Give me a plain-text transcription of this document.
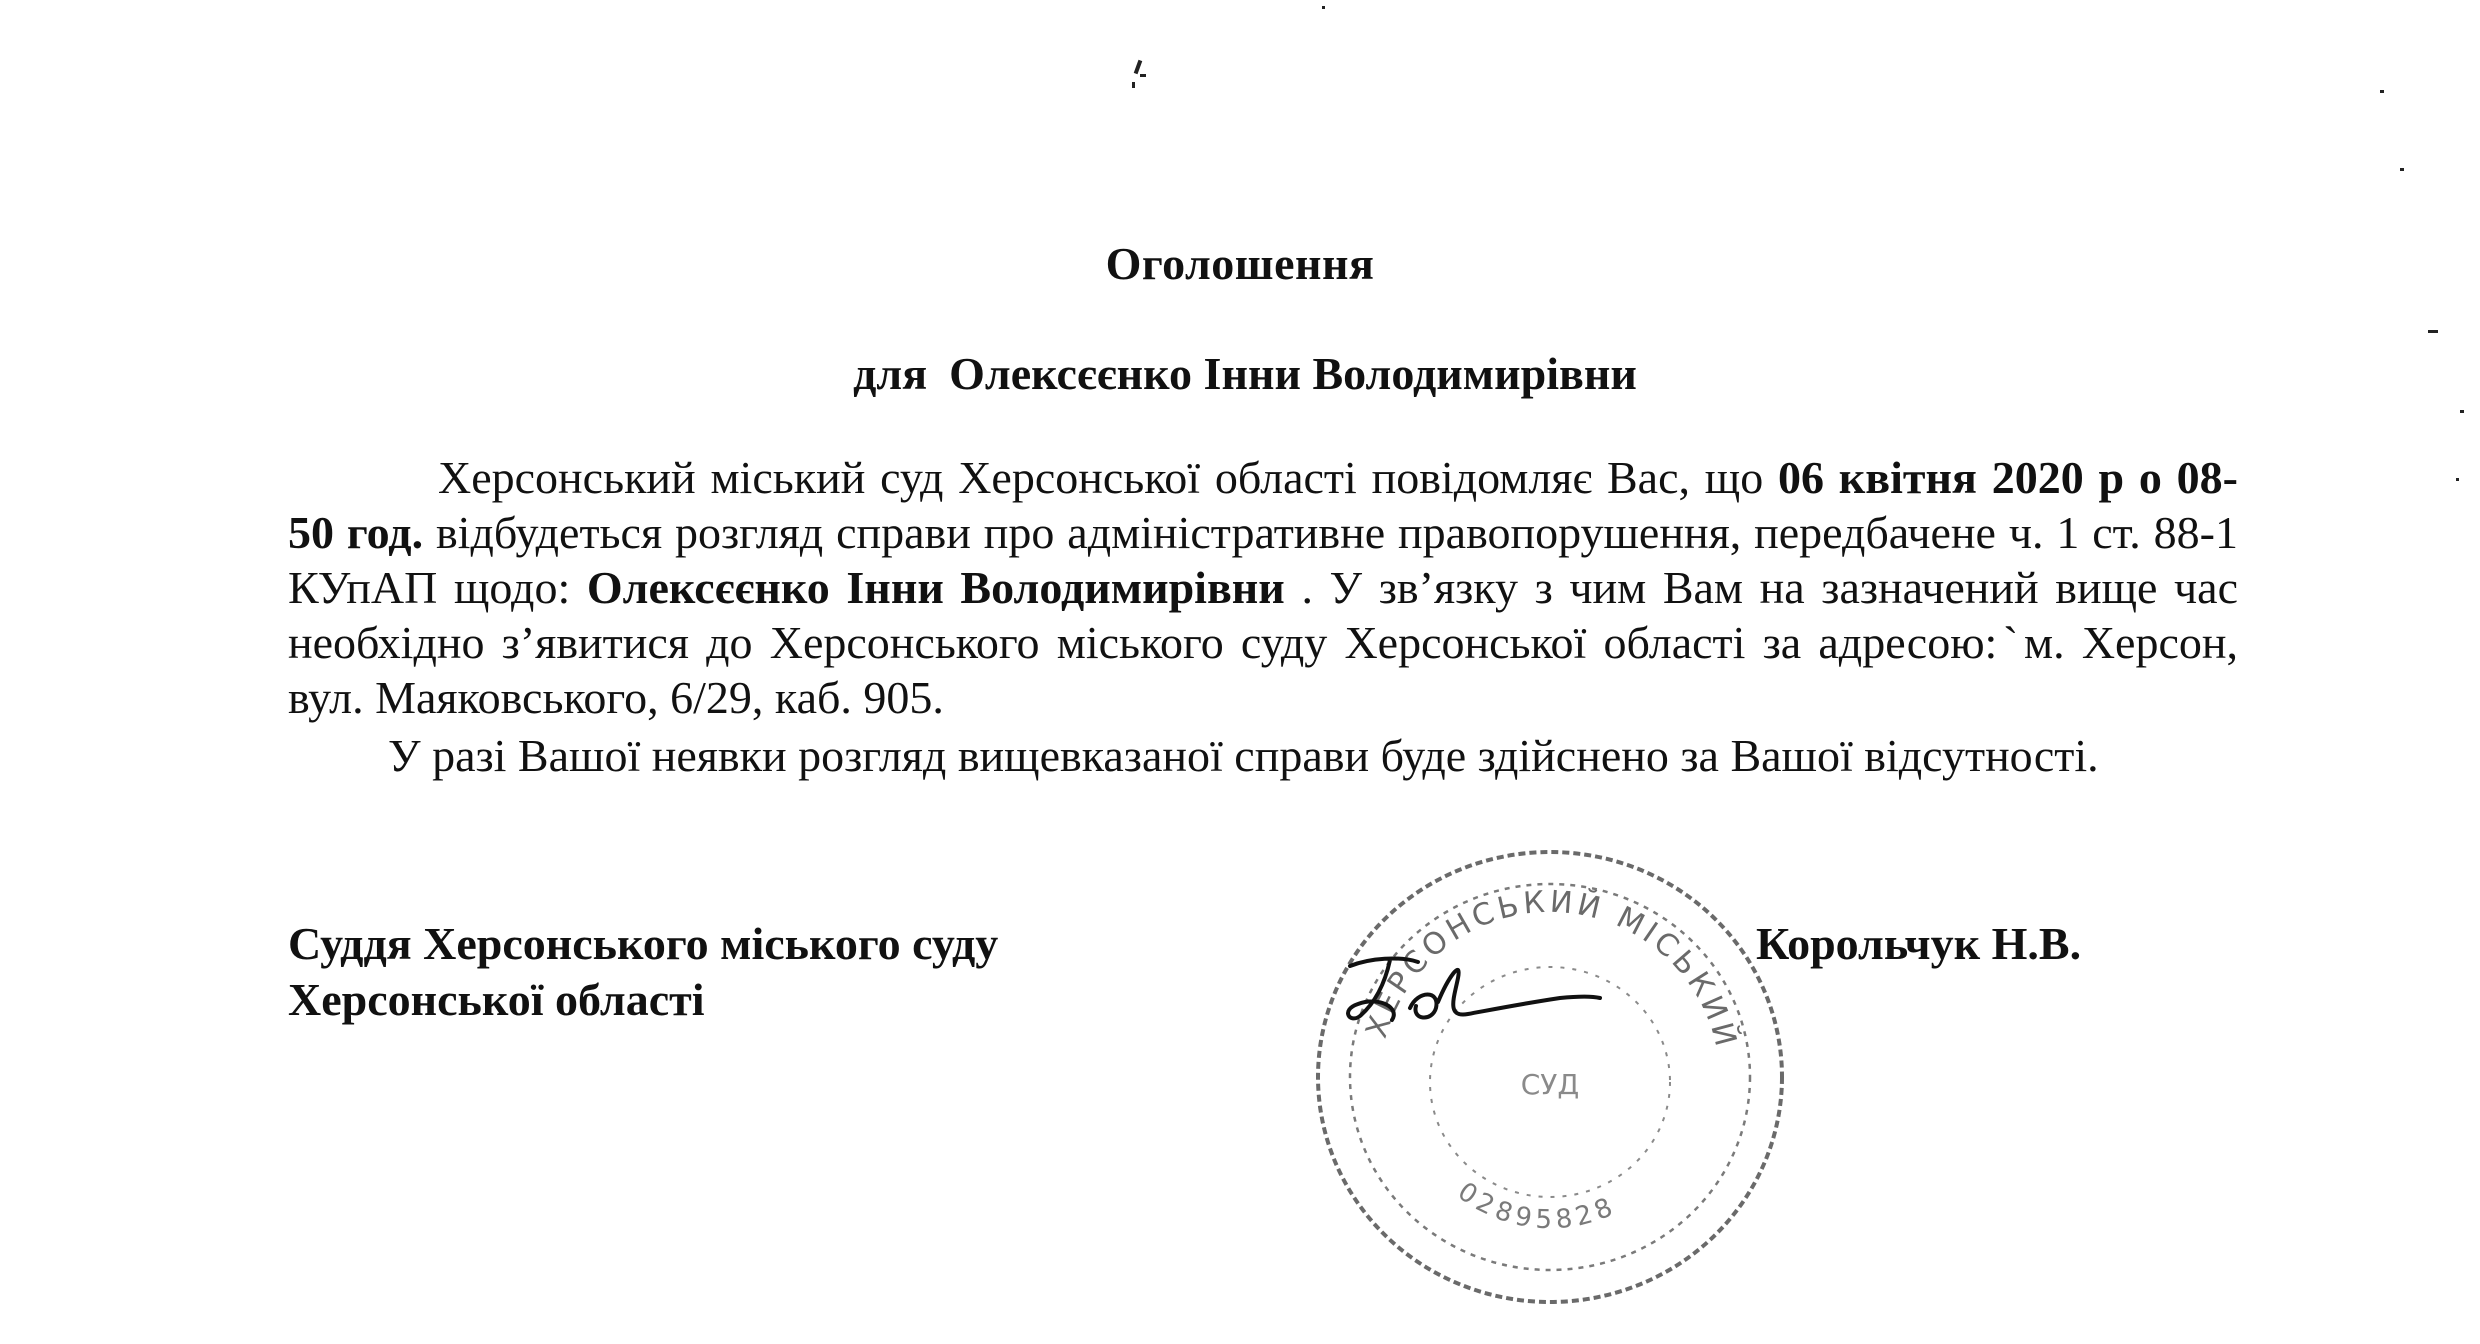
Оголошення
для Олексєєнко Інни Володимирівни

Херсонський міський суд Херсонської області повідомляє Вас, що 06 квітня 2020 р о 08-50 год. відбудеться розгляд справи про адміністративне правопорушення, передбачене ч. 1 ст. 88-1 КУпАП щодо: Олексєєнко Інни Володимирівни . У зв’язку з чим Вам на зазначений вище час необхідно з’явитися до Херсонського міського суду Херсонської області за адресою:ˋм. Херсон, вул. Маяковського, 6/29, каб. 905.

У разі Вашої неявки розгляд вищевказаної справи буде здійснено за Вашої відсутності.

Суддя Херсонського міського суду
Херсонської області
Корольчук Н.В.
ХЕРСОНСЬКИЙ МІСЬКИЙ
02895828
СУД
